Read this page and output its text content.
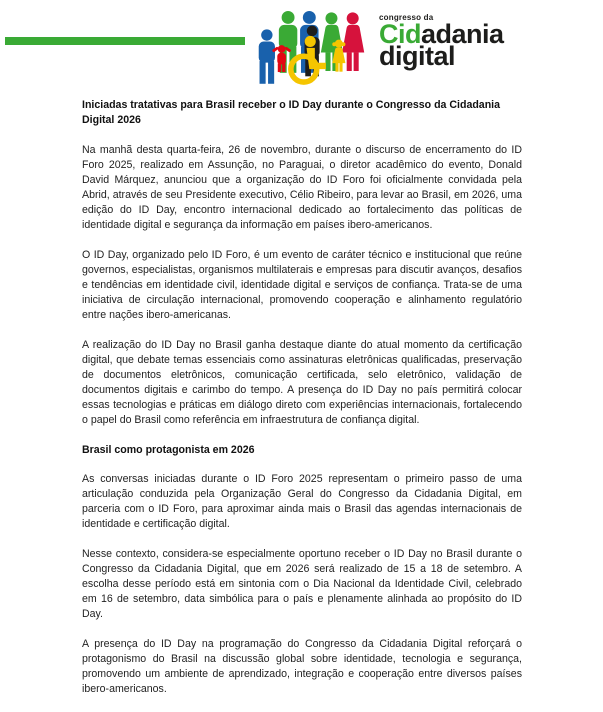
congresso da
Cidadania
digital
Iniciadas tratativas para Brasil receber o ID Day durante o Congresso da Cidadania Digital 2026

Na manhã desta quarta-feira, 26 de novembro, durante o discurso de encerramento do ID Foro 2025, realizado em Assunção, no Paraguai, o diretor acadêmico do evento, Donald David Márquez, anunciou que a organização do ID Foro foi oficialmente convidada pela Abrid, através de seu Presidente executivo, Célio Ribeiro, para levar ao Brasil, em 2026, uma edição do ID Day, encontro internacional dedicado ao fortalecimento das políticas de identidade digital e segurança da informação em países ibero-americanos.

O ID Day, organizado pelo ID Foro, é um evento de caráter técnico e institucional que reúne governos, especialistas, organismos multilaterais e empresas para discutir avanços, desafios e tendências em identidade civil, identidade digital e serviços de confiança. Trata-se de uma iniciativa de circulação internacional, promovendo cooperação e alinhamento regulatório entre nações ibero-americanas.

A realização do ID Day no Brasil ganha destaque diante do atual momento da certificação digital, que debate temas essenciais como assinaturas eletrônicas qualificadas, preservação de documentos eletrônicos, comunicação certificada, selo eletrônico, validação de documentos digitais e carimbo do tempo. A presença do ID Day no país permitirá colocar essas tecnologias e práticas em diálogo direto com experiências internacionais, fortalecendo o papel do Brasil como referência em infraestrutura de confiança digital.

Brasil como protagonista em 2026

As conversas iniciadas durante o ID Foro 2025 representam o primeiro passo de uma articulação conduzida pela Organização Geral do Congresso da Cidadania Digital, em parceria com o ID Foro, para aproximar ainda mais o Brasil das agendas internacionais de identidade e certificação digital.

Nesse contexto, considera-se especialmente oportuno receber o ID Day no Brasil durante o Congresso da Cidadania Digital, que em 2026 será realizado de 15 a 18 de setembro. A escolha desse período está em sintonia com o Dia Nacional da Identidade Civil, celebrado em 16 de setembro, data simbólica para o país e plenamente alinhada ao propósito do ID Day.

A presença do ID Day na programação do Congresso da Cidadania Digital reforçará o protagonismo do Brasil na discussão global sobre identidade, tecnologia e segurança, promovendo um ambiente de aprendizado, integração e cooperação entre diversos países ibero-americanos.
